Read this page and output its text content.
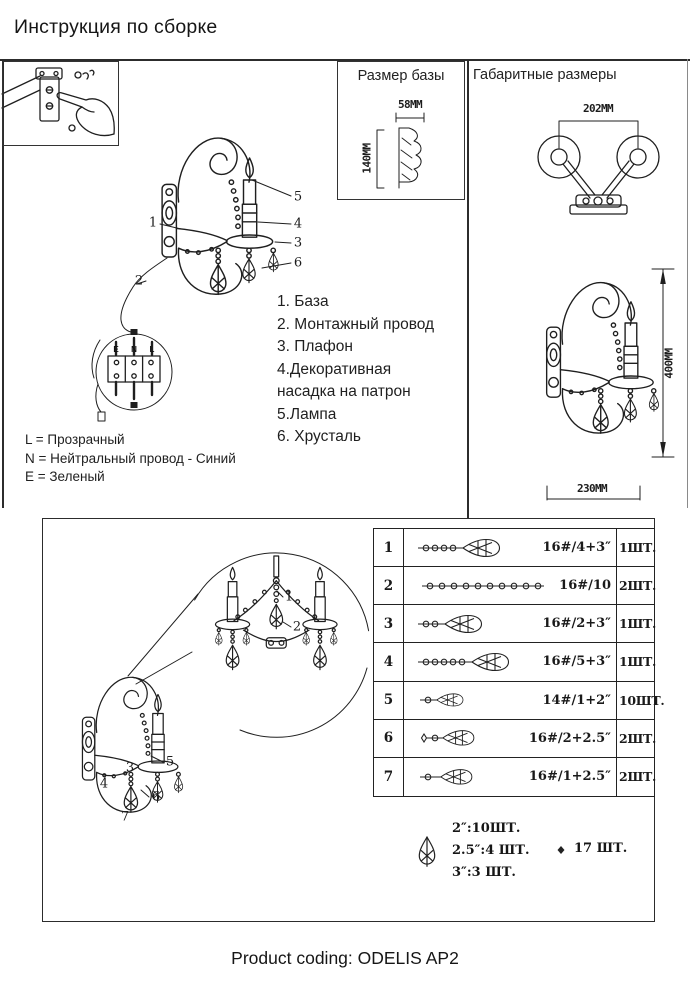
Инструкция по сборке
Размер базы
58MM
140MM
Габаритные размеры
202MM
400MM
230MM
1. База
2. Монтажный провод
3. Плафон
4.Декоративная
насадка на патрон
5.Лампа
6. Хрусталь
L = Прозрачный
N = Нейтральный провод - Синий
E = Зеленый
E N	L
1
2
3
4
5
6
1
2
3
4
5
6
7
1	16#/4+3″ 1ШТ.
2	16#/10 2ШТ.
3	16#/2+3″ 1ШТ.
4	16#/5+3″ 1ШТ.
5	14#/1+2″ 10ШТ.
6	16#/2+2.5″ 2ШТ.
7	16#/1+2.5″ 2ШТ.
2″:10ШТ.
2.5″:4 ШТ.
3″:3 ШТ.
17 ШТ.
Product coding: ODELIS AP2
